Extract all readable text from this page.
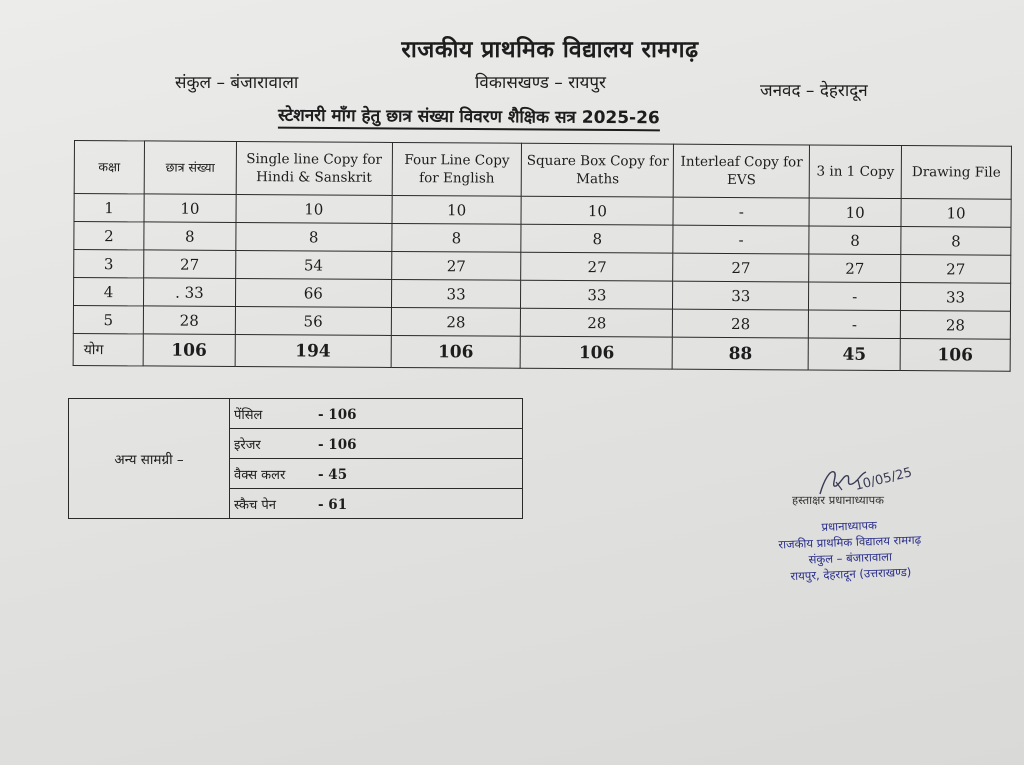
राजकीय प्राथमिक विद्यालय रामगढ़
संकुल – बंजारावाला	विकासखण्ड – रायपुर	जनवद – देहरादून
स्टेशनरी माँग हेतु छात्र संख्या विवरण शैक्षिक सत्र 2025-26
कक्षा	छात्र संख्या	Single line Copy for Hindi & Sanskrit	Four Line Copy for English	Square Box Copy for Maths	Interleaf Copy for EVS	3 in 1 Copy	Drawing File
1	10	10	10	10	-	10	10
2	8	8	8	8	-	8	8
3	27	54	27	27	27	27	27
4	. 33	66	33	33	33	-	33
5	28	56	28	28	28	-	28
योग	106	194	106	106	88	45	106
अन्य सामग्री –	पेंसिल	- 106
इरेजर	- 106
वैक्स कलर - 45
स्कैच पेन	- 61
10/05/25
हस्ताक्षर प्रधानाध्यापक
प्रधानाध्यापक
राजकीय प्राथमिक विद्यालय रामगढ़
संकुल – बंजारावाला
रायपुर, देहरादून (उत्तराखण्ड)
